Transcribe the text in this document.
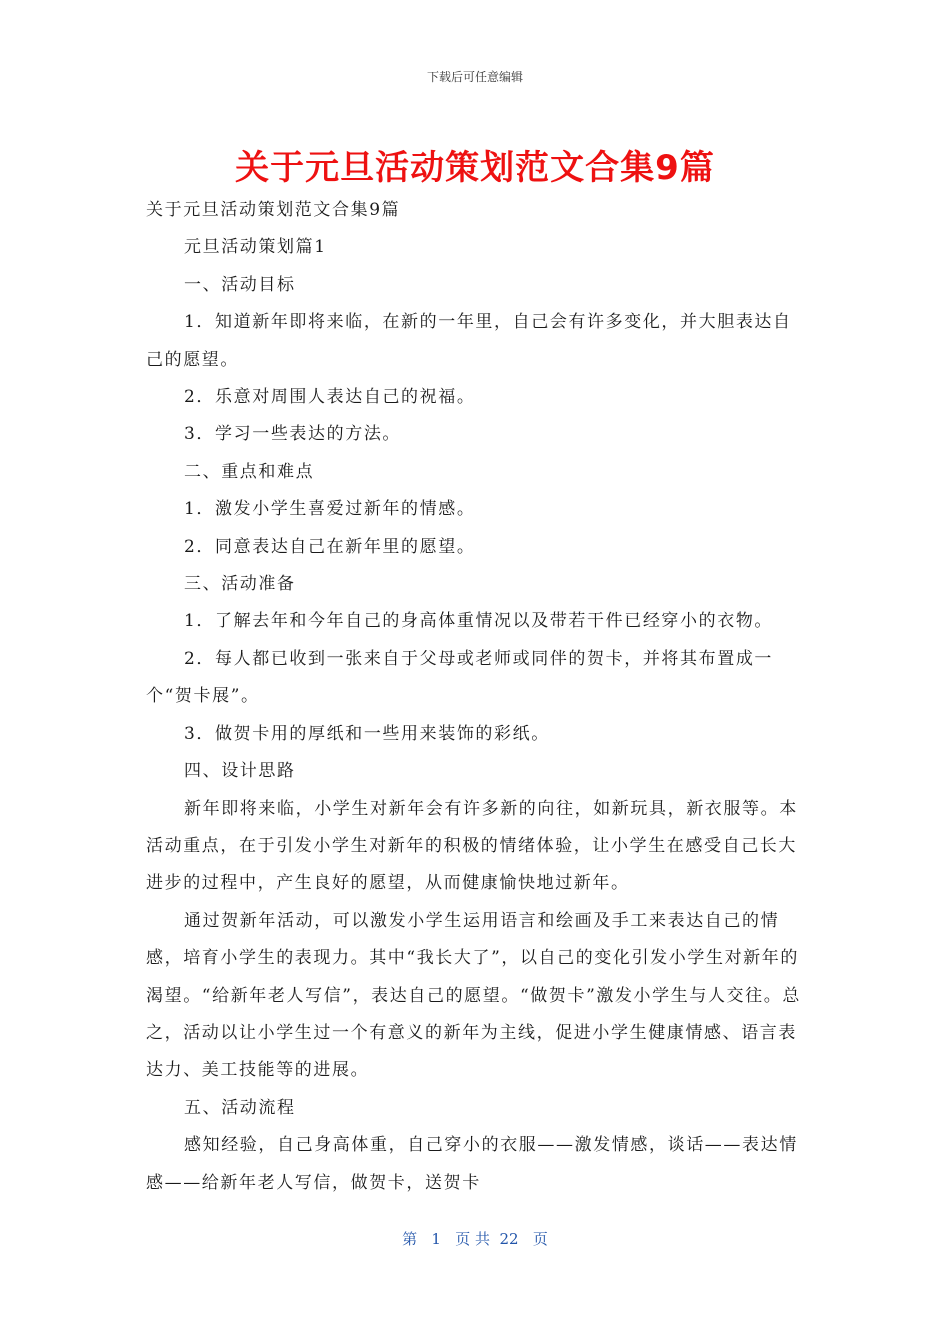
下载后可任意编辑
关于元旦活动策划范文合集9篇

关于元旦活动策划范文合集9篇

元旦活动策划篇1

一、活动目标

1．知道新年即将来临，在新的一年里，自己会有许多变化，并大胆表达自己的愿望。

2．乐意对周围人表达自己的祝福。

3．学习一些表达的方法。

二、重点和难点

1．激发小学生喜爱过新年的情感。

2．同意表达自己在新年里的愿望。

三、活动准备

1．了解去年和今年自己的身高体重情况以及带若干件已经穿小的衣物。

2．每人都已收到一张来自于父母或老师或同伴的贺卡，并将其布置成一个“贺卡展”。

3．做贺卡用的厚纸和一些用来装饰的彩纸。

四、设计思路

新年即将来临，小学生对新年会有许多新的向往，如新玩具，新衣服等。本活动重点，在于引发小学生对新年的积极的情绪体验，让小学生在感受自己长大进步的过程中，产生良好的愿望，从而健康愉快地过新年。

通过贺新年活动，可以激发小学生运用语言和绘画及手工来表达自己的情感，培育小学生的表现力。其中“我长大了”，以自己的变化引发小学生对新年的渴望。“给新年老人写信”，表达自己的愿望。“做贺卡”激发小学生与人交往。总之，活动以让小学生过一个有意义的新年为主线，促进小学生健康情感、语言表达力、美工技能等的进展。

五、活动流程

感知经验，自己身高体重，自己穿小的衣服——激发情感，谈话——表达情感——给新年老人写信，做贺卡，送贺卡

第   1   页 共  22   页
